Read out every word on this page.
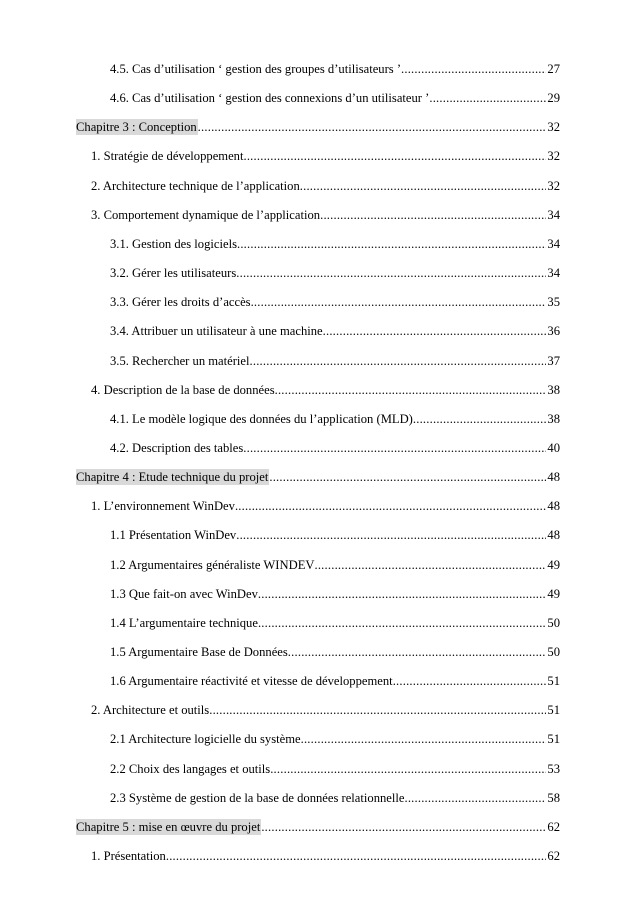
4.5. Cas d’utilisation ‘ gestion des groupes d’utilisateurs ’ .....	27
4.6. Cas d’utilisation ‘ gestion des connexions d’un utilisateur ’ .....	29
Chapitre 3 : Conception .....	32
1. Stratégie de développement .....	32
2. Architecture technique de l’application .....	32
3. Comportement dynamique de l’application .....	34
3.1. Gestion des logiciels .....	34
3.2. Gérer les utilisateurs .....	34
3.3. Gérer les droits d’accès .....	35
3.4. Attribuer un utilisateur à une machine .....	36
3.5. Rechercher un matériel .....	37
4. Description de la base de données .....	38
4.1. Le modèle logique des données du l’application (MLD) .....	38
4.2. Description des tables .....	40
Chapitre 4 : Etude technique du projet .....	48
1. L’environnement WinDev .....	48
1.1 Présentation WinDev .....	48
1.2 Argumentaires généraliste WINDEV .....	49
1.3 Que fait-on avec WinDev .....	49
1.4 L’argumentaire technique .....	50
1.5 Argumentaire Base de Données .....	50
1.6 Argumentaire réactivité et vitesse de développement .....	51
2. Architecture et outils .....	51
2.1 Architecture logicielle du système .....	51
2.2 Choix des langages et outils .....	53
2.3 Système de gestion de la base de données relationnelle .....	58
Chapitre 5 : mise en œuvre du projet .....	62
1. Présentation .....	62
